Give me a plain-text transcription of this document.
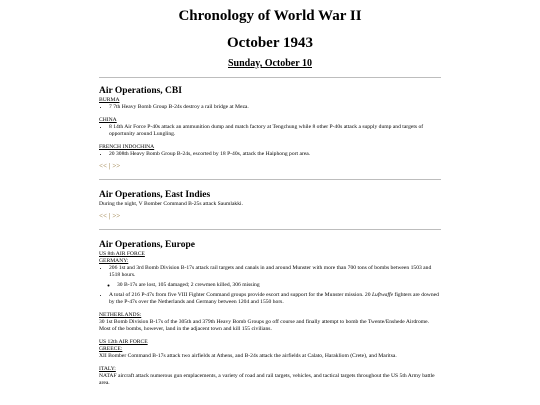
Chronology of World War II
October 1943
Sunday, October 10
Air Operations, CBI
BURMA
• 7 7th Heavy Bomb Group B-24s destroy a rail bridge at Meza.
CHINA
• 8 14th Air Force P-40s attack an ammunition dump and match factory at Tengchung while 8 other P-40s attack a supply dump and targets of opportunity around Lungling.
FRENCH INDOCHINA
• 20 308th Heavy Bomb Group B-24s, escorted by 18 P-40s, attack the Haiphong port area.
<< | >>
Air Operations, East Indies

During the night, V Bomber Command B-25s attack Saumlakki.

<< | >>
Air Operations, Europe
US 8th AIR FORCE
GERMANY:
• 206 1st and 3rd Bomb Division B-17s attack rail targets and canals in and around Munster with more than 700 tons of bombs between 1503 and 1518 hours.
◦ 30 B-17s are lost, 105 damaged; 2 crewmen killed, 306 missing
• A total of 216 P-47s from five VIII Fighter Command groups provide escort and support for the Munster mission. 20 Luftwaffe fighters are downed by the P-47s over the Netherlands and Germany between 1204 and 1550 hors.
NETHERLANDS:

30 1st Bomb Division B-17s of the 305th and 379th Heavy Bomb Groups go off course and finally attempt to bomb the Twente/Enshede Airdrome. Most of the bombs, however, land in the adjacent town and kill 155 civilians.

US 12th AIR FORCE
GREECE:

XII Bomber Command B-17s attack two airfields at Athens, and B-24s attack the airfields at Calato, Harakliom (Crete), and Maritsa.

ITALY:

NATAF aircraft attack numerous gun emplacements, a variety of road and rail targets, vehicles, and tactical targets throughout the US 5th Army battle area.
